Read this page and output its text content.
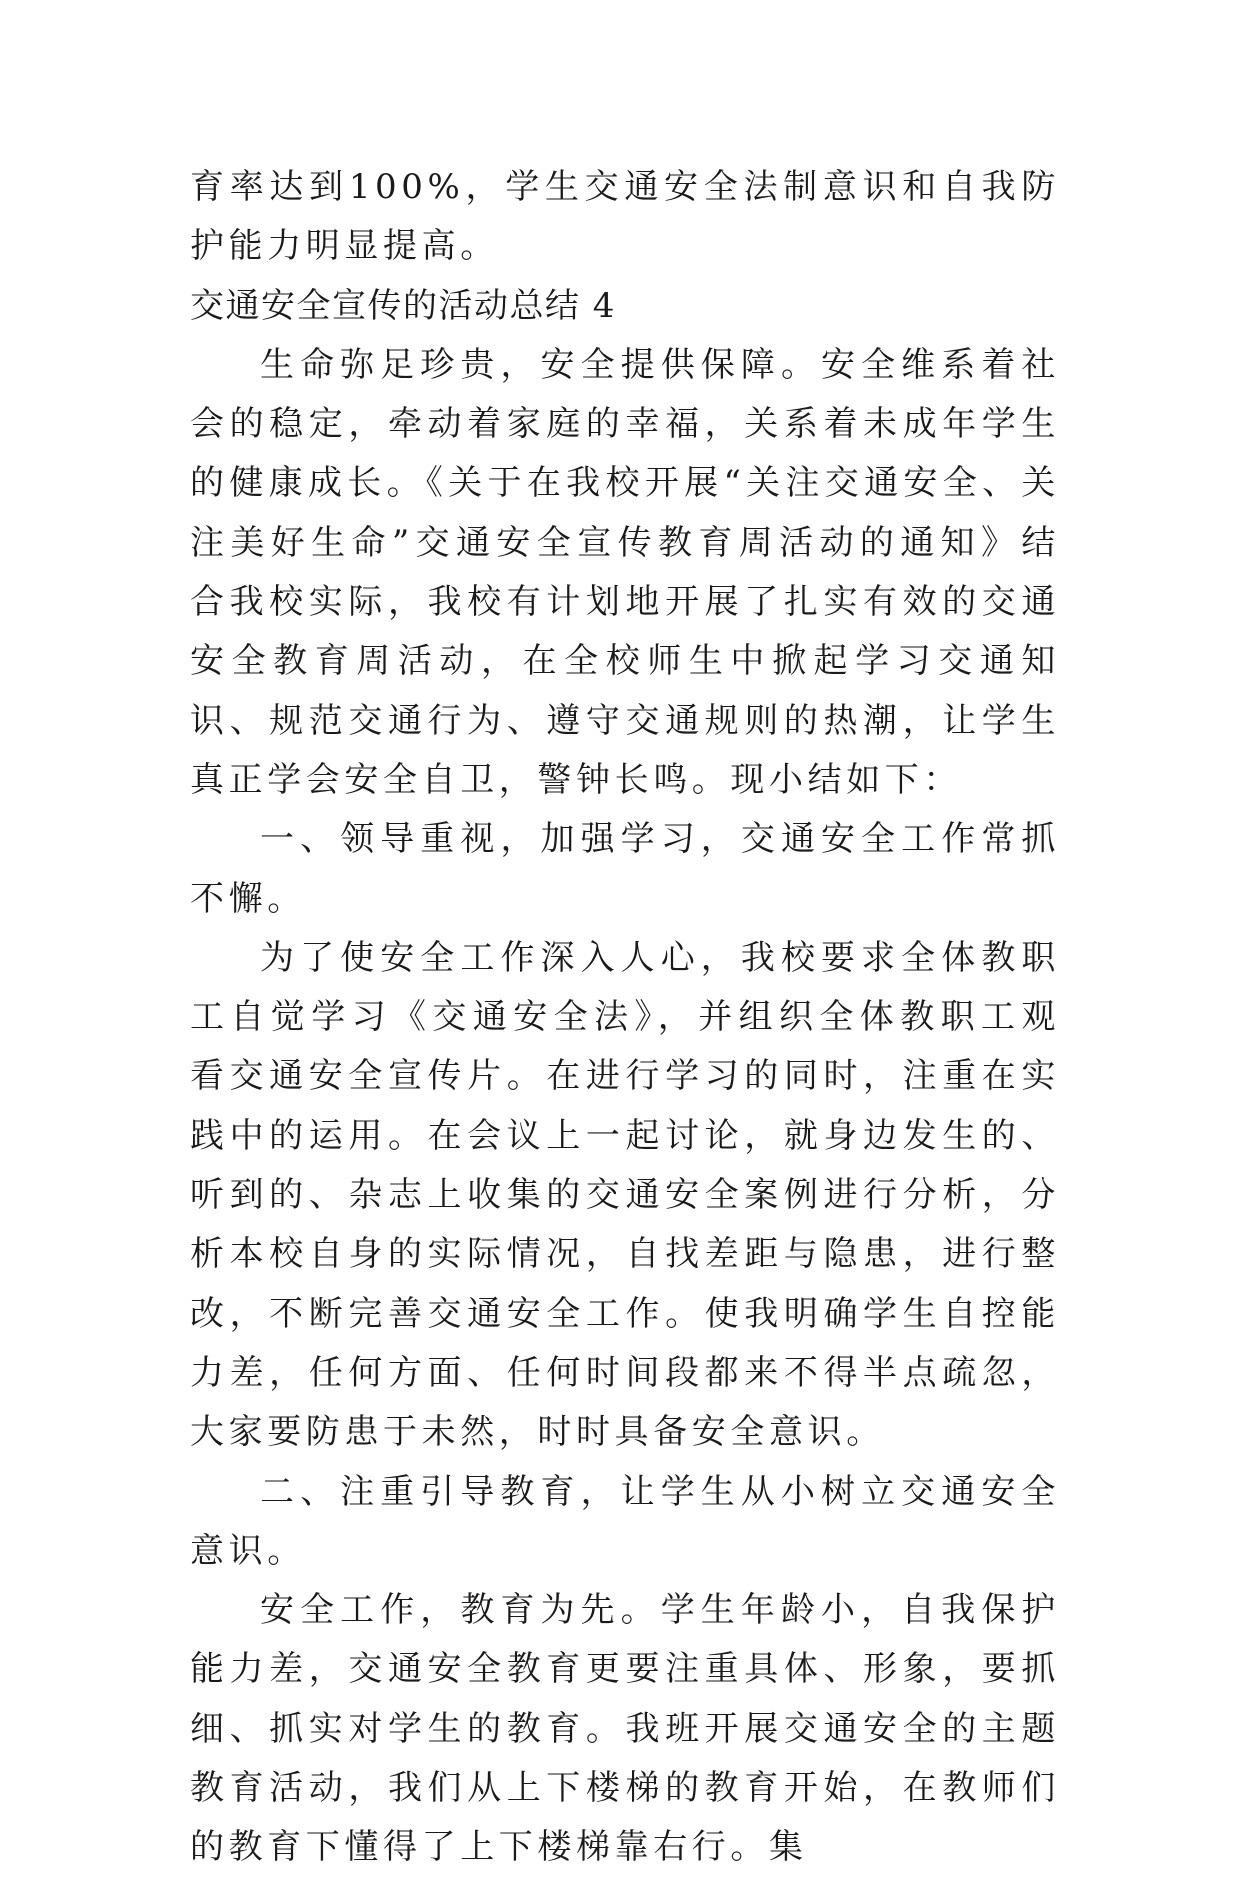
育率达到100%，学生交通安全法制意识和自我防护能力明显提高。

交通安全宣传的活动总结 4

生命弥足珍贵，安全提供保障。安全维系着社会的稳定，牵动着家庭的幸福，关系着未成年学生的健康成长。《关于在我校开展“关注交通安全、关注美好生命”交通安全宣传教育周活动的通知》结合我校实际，我校有计划地开展了扎实有效的交通安全教育周活动，在全校师生中掀起学习交通知识、规范交通行为、遵守交通规则的热潮，让学生真正学会安全自卫，警钟长鸣。现小结如下：

一、领导重视，加强学习，交通安全工作常抓不懈。

为了使安全工作深入人心，我校要求全体教职工自觉学习《交通安全法》，并组织全体教职工观看交通安全宣传片。在进行学习的同时，注重在实践中的运用。在会议上一起讨论，就身边发生的、听到的、杂志上收集的交通安全案例进行分析，分析本校自身的实际情况，自找差距与隐患，进行整改，不断完善交通安全工作。使我明确学生自控能力差，任何方面、任何时间段都来不得半点疏忽，大家要防患于未然，时时具备安全意识。

二、注重引导教育，让学生从小树立交通安全意识。

安全工作，教育为先。学生年龄小，自我保护能力差，交通安全教育更要注重具体、形象，要抓细、抓实对学生的教育。我班开展交通安全的主题教育活动，我们从上下楼梯的教育开始，在教师们的教育下懂得了上下楼梯靠右行。集
